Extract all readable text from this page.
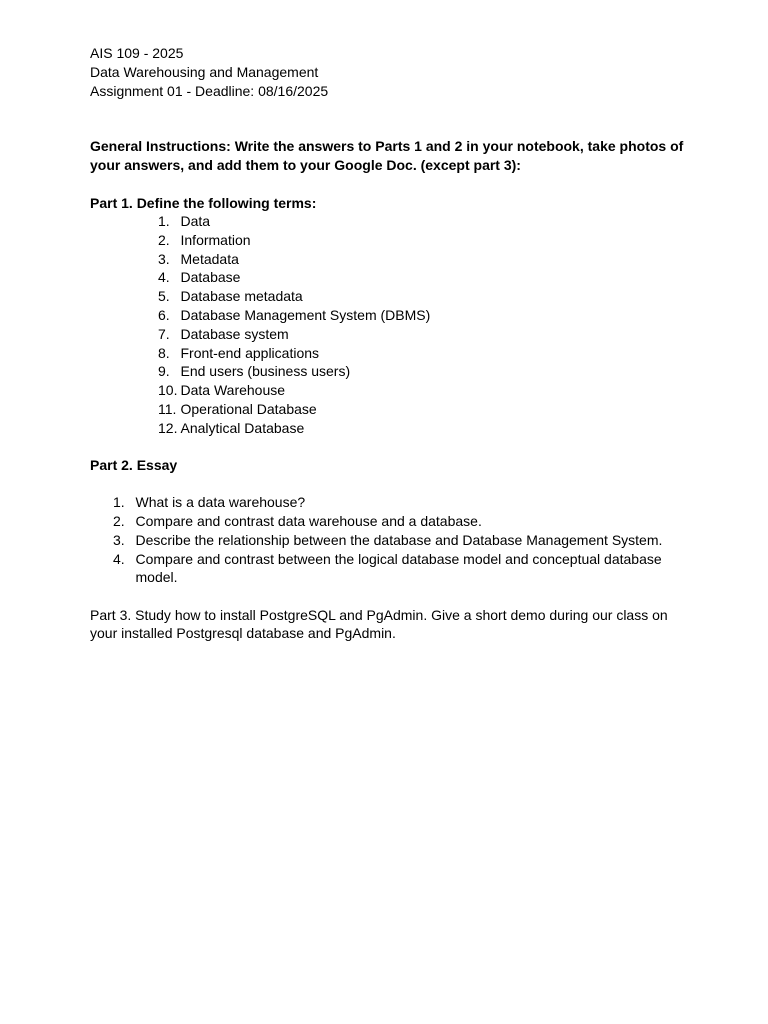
AIS 109 - 2025
Data Warehousing and Management
Assignment 01 - Deadline: 08/16/2025
General Instructions: Write the answers to Parts 1 and 2 in your notebook, take photos of your answers, and add them to your Google Doc. (except part 3):
Part 1. Define the following terms:
1. Data
2. Information
3. Metadata
4. Database
5. Database metadata
6. Database Management System (DBMS)
7. Database system
8. Front-end applications
9. End users (business users)
10. Data Warehouse
11. Operational Database
12. Analytical Database
Part 2. Essay
1. What is a data warehouse?
2. Compare and contrast data warehouse and a database.
3. Describe the relationship between the database and Database Management System.
4. Compare and contrast between the logical database model and conceptual database model.
Part 3. Study how to install PostgreSQL and PgAdmin. Give a short demo during our class on your installed Postgresql database and PgAdmin.
